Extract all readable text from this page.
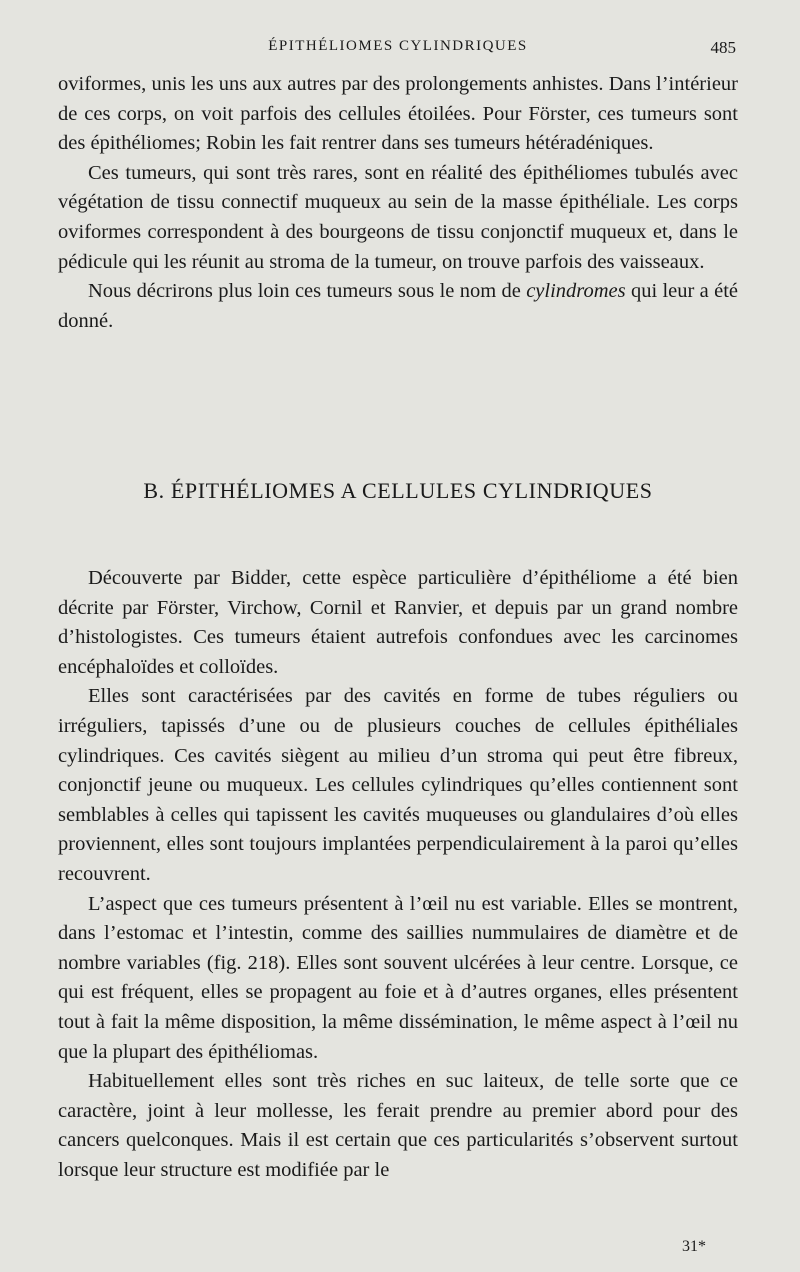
ÉPITHÉLIOMES CYLINDRIQUES	485

oviformes, unis les uns aux autres par des prolongements anhistes. Dans l’intérieur de ces corps, on voit parfois des cellules étoilées. Pour Förster, ces tumeurs sont des épithéliomes; Robin les fait rentrer dans ses tumeurs hétéradéniques.

Ces tumeurs, qui sont très rares, sont en réalité des épithéliomes tubulés avec végétation de tissu connectif muqueux au sein de la masse épithéliale. Les corps oviformes correspondent à des bourgeons de tissu conjonctif muqueux et, dans le pédicule qui les réunit au stroma de la tumeur, on trouve parfois des vaisseaux.

Nous décrirons plus loin ces tumeurs sous le nom de cylindromes qui leur a été donné.

B. ÉPITHÉLIOMES A CELLULES CYLINDRIQUES

Découverte par Bidder, cette espèce particulière d’épithéliome a été bien décrite par Förster, Virchow, Cornil et Ranvier, et depuis par un grand nombre d’histologistes. Ces tumeurs étaient autrefois confondues avec les carcinomes encéphaloïdes et colloïdes.

Elles sont caractérisées par des cavités en forme de tubes réguliers ou irréguliers, tapissés d’une ou de plusieurs couches de cellules épithéliales cylindriques. Ces cavités siègent au milieu d’un stroma qui peut être fibreux, conjonctif jeune ou muqueux. Les cellules cylindriques qu’elles contiennent sont semblables à celles qui tapissent les cavités muqueuses ou glandulaires d’où elles proviennent, elles sont toujours implantées perpendiculairement à la paroi qu’elles recouvrent.

L’aspect que ces tumeurs présentent à l’œil nu est variable. Elles se montrent, dans l’estomac et l’intestin, comme des saillies nummulaires de diamètre et de nombre variables (fig. 218). Elles sont souvent ulcérées à leur centre. Lorsque, ce qui est fréquent, elles se propagent au foie et à d’autres organes, elles présentent tout à fait la même disposition, la même dissémination, le même aspect à l’œil nu que la plupart des épithéliomas.

Habituellement elles sont très riches en suc laiteux, de telle sorte que ce caractère, joint à leur mollesse, les ferait prendre au premier abord pour des cancers quelconques. Mais il est certain que ces particularités s’observent surtout lorsque leur structure est modifiée par le

31*
